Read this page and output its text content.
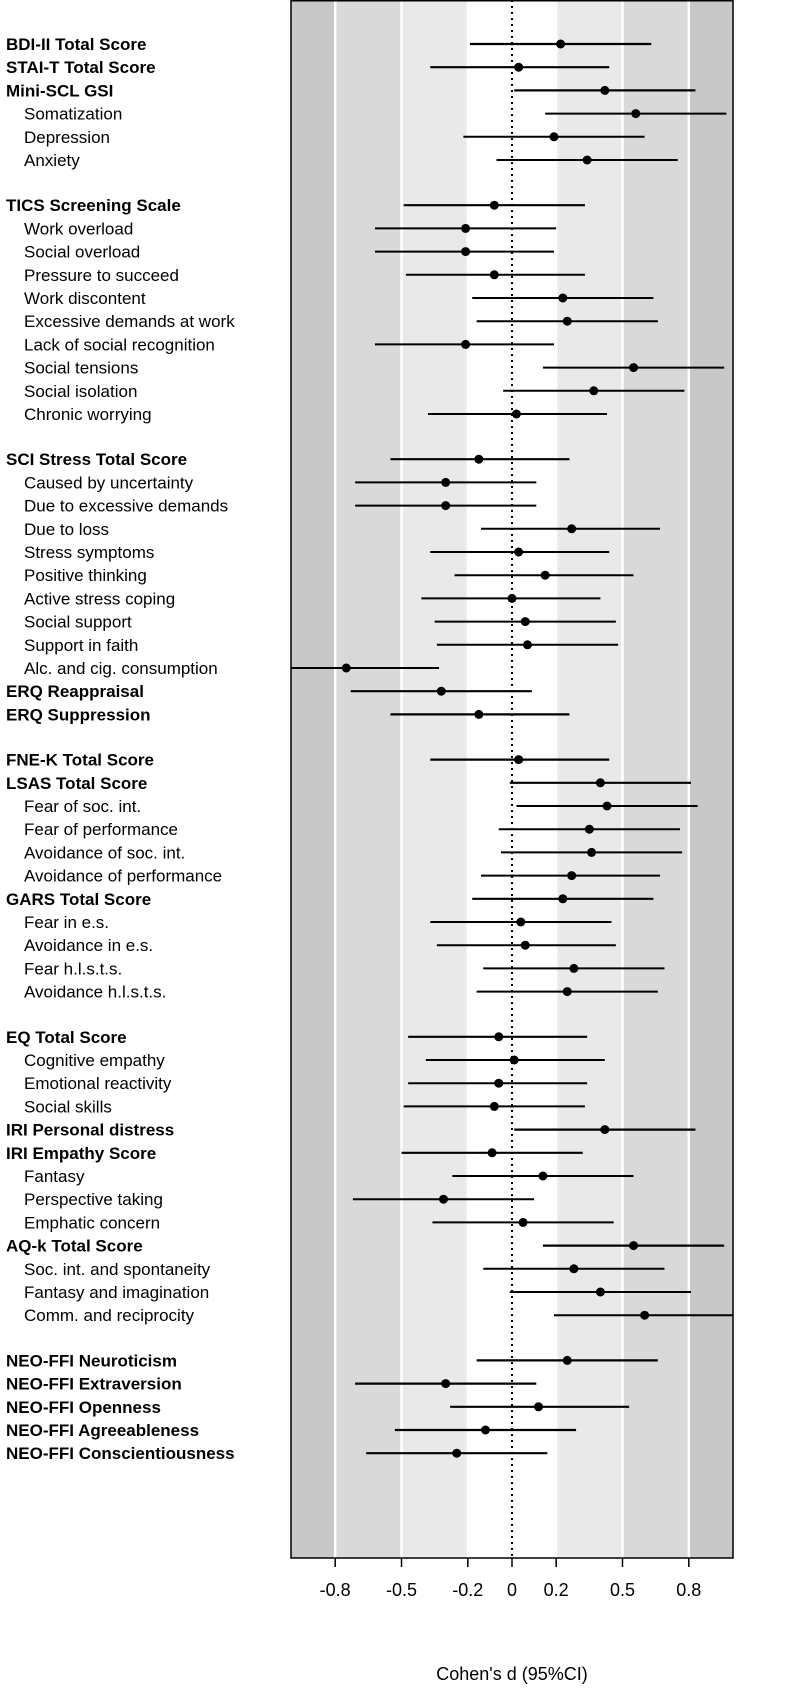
BDI-II Total Score
STAI-T Total Score
Mini-SCL GSI
Somatization
Depression
Anxiety
TICS Screening Scale
Work overload
Social overload
Pressure to succeed
Work discontent
Excessive demands at work
Lack of social recognition
Social tensions
Social isolation
Chronic worrying
SCI Stress Total Score
Caused by uncertainty
Due to excessive demands
Due to loss
Stress symptoms
Positive thinking
Active stress coping
Social support
Support in faith
Alc. and cig. consumption
ERQ Reappraisal
ERQ Suppression
FNE-K Total Score
LSAS Total Score
Fear of soc. int.
Fear of performance
Avoidance of soc. int.
Avoidance of performance
GARS Total Score
Fear in e.s.
Avoidance in e.s.
Fear h.l.s.t.s.
Avoidance h.l.s.t.s.
EQ Total Score
Cognitive empathy
Emotional reactivity
Social skills
IRI Personal distress
IRI Empathy Score
Fantasy
Perspective taking
Emphatic concern
AQ-k Total Score
Soc. int. and spontaneity
Fantasy and imagination
Comm. and reciprocity
NEO-FFI Neuroticism
NEO-FFI Extraversion
NEO-FFI Openness
NEO-FFI Agreeableness
NEO-FFI Conscientiousness
-0.8 -0.5 -0.2 0 0.2 0.5 0.8
Cohen's d (95%CI)
